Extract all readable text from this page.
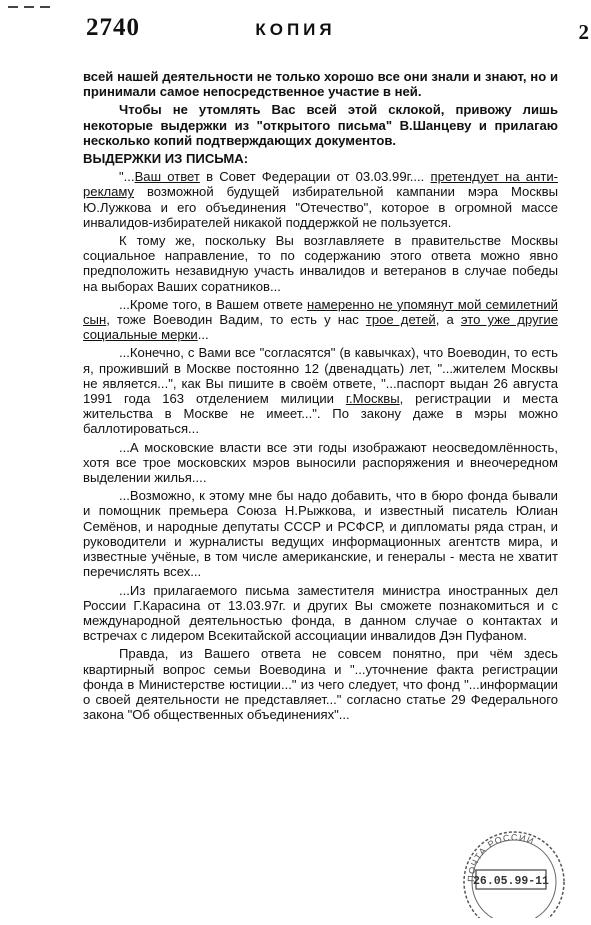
2740	КОПИЯ	2

всей нашей деятельности не только хорошо все они знали и знают, но и принимали самое непосредственное участие в ней.

Чтобы не утомлять Вас всей этой склокой, привожу лишь некоторые выдержки из "открытого письма" В.Шанцеву и прилагаю несколько копий подтверждающих документов.

ВЫДЕРЖКИ ИЗ ПИСЬМА:

"...Ваш ответ в Совет Федерации от 03.03.99г.... претендует на анти-рекламу возможной будущей избирательной кампании мэра Москвы Ю.Лужкова и его объединения "Отечество", которое в огромной массе инвалидов-избирателей никакой поддержкой не пользуется.

К тому же, поскольку Вы возглавляете в правительстве Москвы социальное направление, то по содержанию этого ответа можно явно предположить незавидную участь инвалидов и ветеранов в случае победы на выборах Ваших соратников...

...Кроме того, в Вашем ответе намеренно не упомянут мой семилетний сын, тоже Воеводин Вадим, то есть у нас трое детей, а это уже другие социальные мерки...

...Конечно, с Вами все "согласятся" (в кавычках), что Воеводин, то есть я, проживший в Москве постоянно 12 (двенадцать) лет, "...жителем Москвы не является...", как Вы пишите в своём ответе, "...паспорт выдан 26 августа 1991 года 163 отделением милиции г.Москвы, регистрации и места жительства в Москве не имеет...". По закону даже в мэры можно баллотироваться...

...А московские власти все эти годы изображают неосведомлённость, хотя все трое московских мэров выносили распоряжения и внеочередном выделении жилья....

...Возможно, к этому мне бы надо добавить, что в бюро фонда бывали и помощник премьера Союза Н.Рыжкова, и известный писатель Юлиан Семёнов, и народные депутаты СССР и РСФСР, и дипломаты ряда стран, и руководители и журналисты ведущих информационных агентств мира, и известные учёные, в том числе американские, и генералы - места не хватит перечислять всех...

...Из прилагаемого письма заместителя министра иностранных дел России Г.Карасина от 13.03.97г. и других Вы сможете познакомиться и с международной деятельностью фонда, в данном случае о контактах и встречах с лидером Всекитайской ассоциации инвалидов Дэн Пуфаном.

Правда, из Вашего ответа не совсем понятно, при чём здесь квартирный вопрос семьи Воеводина и "...уточнение факта регистрации фонда в Министерстве юстиции..." из чего следует, что фонд "...информации о своей деятельности не представляет..." согласно статье 29 Федерального закона "Об общественных объединениях"...

ПОЧТА РОССИИ
26.05.99-11
